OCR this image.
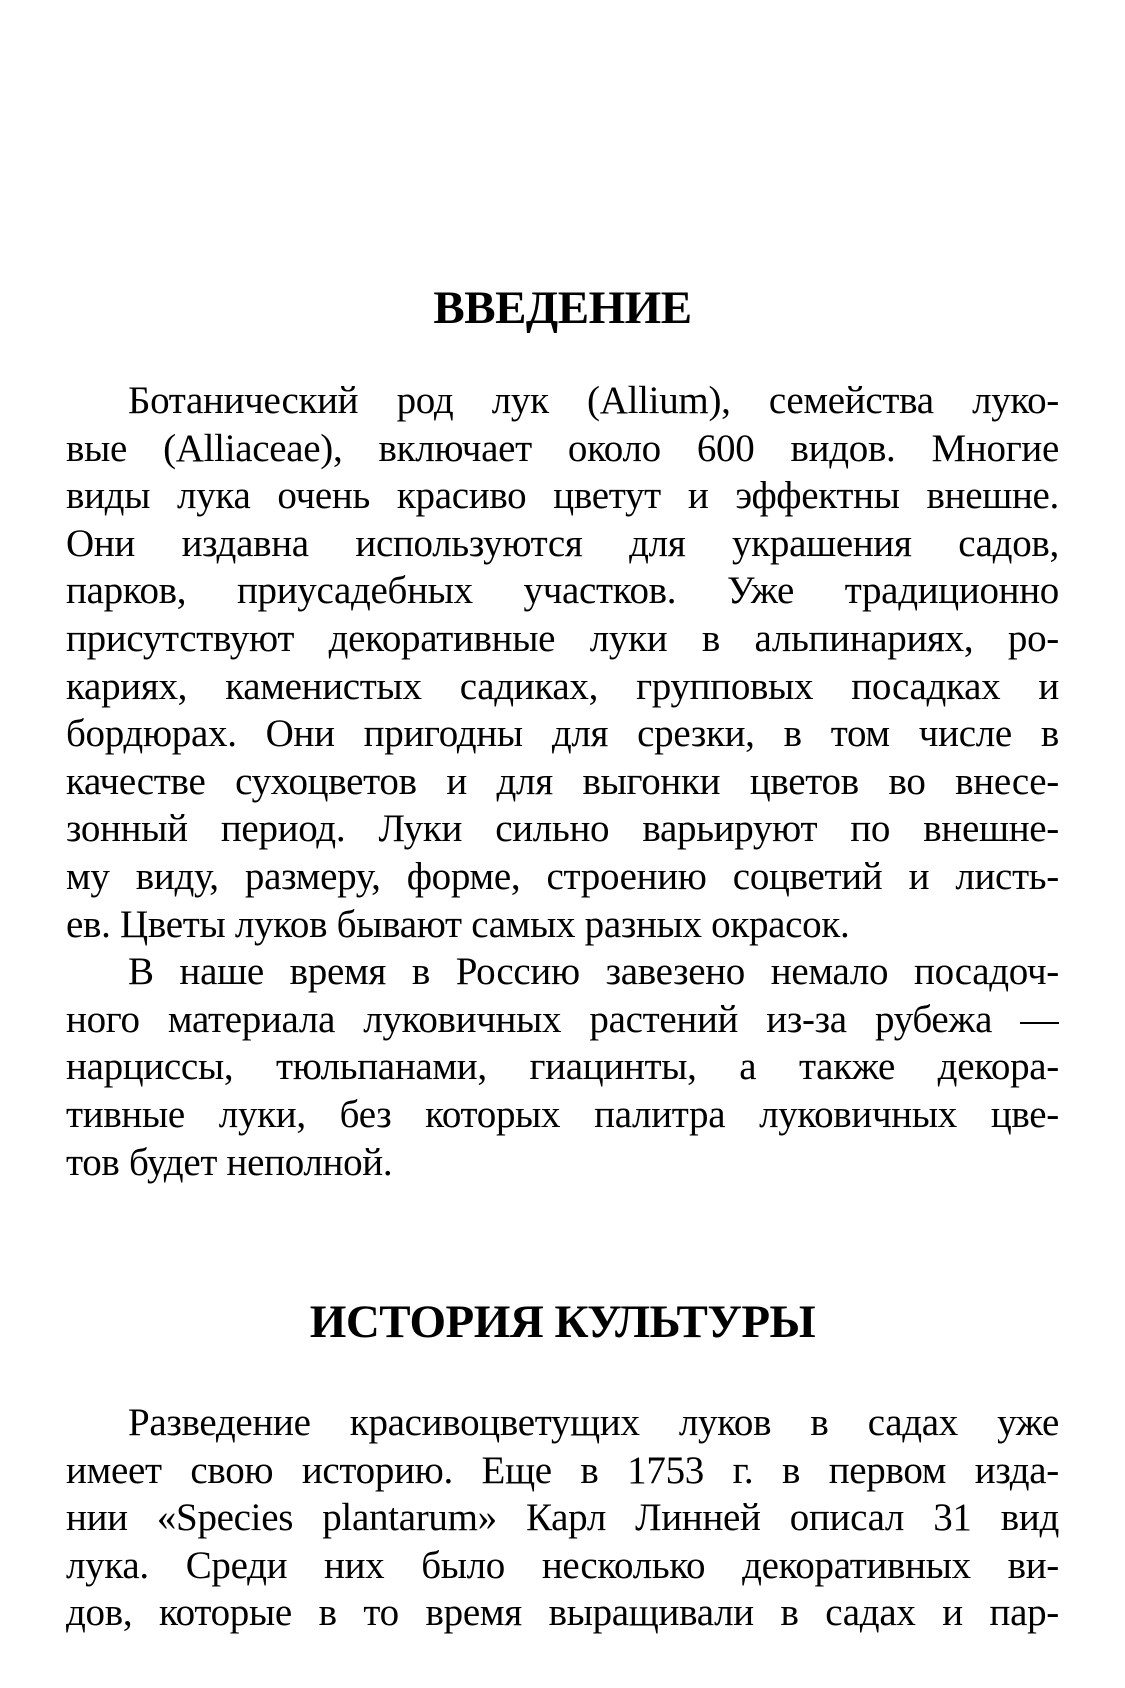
ВВЕДЕНИЕ
Ботанический род лук (Allium), семейства луко-
вые (Alliaceae), включает около 600 видов. Многие
виды лука очень красиво цветут и эффектны внешне.
Они издавна используются для украшения садов,
парков, приусадебных участков. Уже традиционно
присутствуют декоративные луки в альпинариях, ро-
кариях, каменистых садиках, групповых посадках и
бордюрах. Они пригодны для срезки, в том числе в
качестве сухоцветов и для выгонки цветов во внесе-
зонный период. Луки сильно варьируют по внешне-
му виду, размеру, форме, строению соцветий и листь-
ев. Цветы луков бывают самых разных окрасок.
В наше время в Россию завезено немало посадоч-
ного материала луковичных растений из-за рубежа —
нарциссы, тюльпанами, гиацинты, а также декора-
тивные луки, без которых палитра луковичных цве-
тов будет неполной.
ИСТОРИЯ КУЛЬТУРЫ
Разведение красивоцветущих луков в садах уже
имеет свою историю. Еще в 1753 г. в первом изда-
нии «Species plantarum» Карл Линней описал 31 вид
лука. Среди них было несколько декоративных ви-
дов, которые в то время выращивали в садах и пар-
